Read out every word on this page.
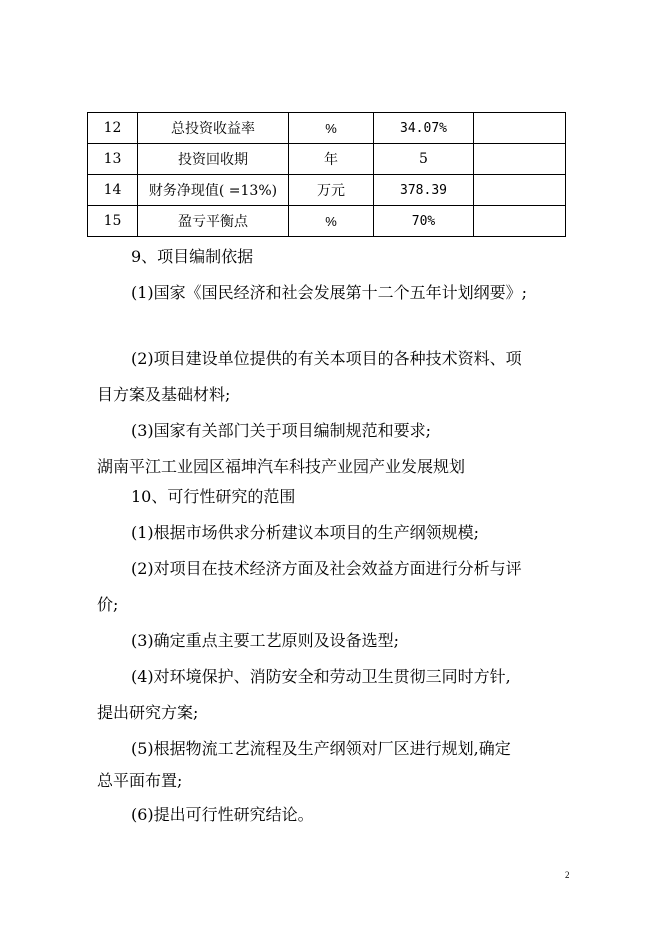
12	总投资收益率	%	34.07%	
13	投资回收期	年	5	
14	财务净现值( =13%)	万元	378.39	
15	盈亏平衡点	%	70%	
9、项目编制依据
(1)国家《国民经济和社会发展第十二个五年计划纲要》;
(2)项目建设单位提供的有关本项目的各种技术资料、项
目方案及基础材料;
(3)国家有关部门关于项目编制规范和要求;
湖南平江工业园区福坤汽车科技产业园产业发展规划
10、可行性研究的范围
(1)根据市场供求分析建议本项目的生产纲领规模;
(2)对项目在技术经济方面及社会效益方面进行分析与评
价;
(3)确定重点主要工艺原则及设备选型;
(4)对环境保护、消防安全和劳动卫生贯彻三同时方针,
提出研究方案;
(5)根据物流工艺流程及生产纲领对厂区进行规划,确定
总平面布置;
(6)提出可行性研究结论。
2
